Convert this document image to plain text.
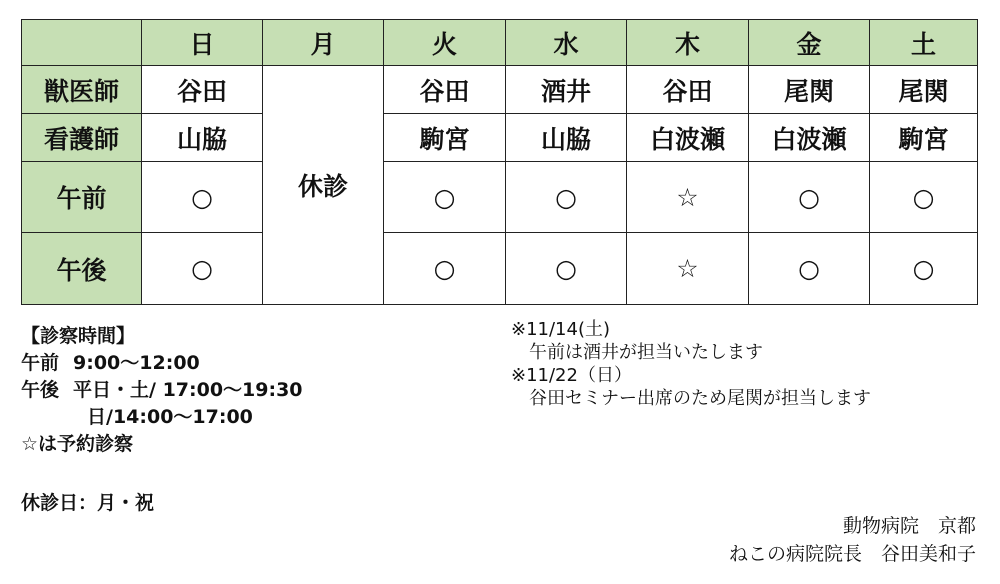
	日	月	火	水	木	金	土
獣医師	谷田	休診	谷田	酒井	谷田	尾関	尾関
看護師	山脇		駒宮	山脇	白波瀬	白波瀬	駒宮
午前	○		○	○	☆	○	○
午後	○		○	○	☆	○	○
【診察時間】
午前 9:00～12:00
午後 平日・土/ 17:00～19:30
日/14:00～17:00
☆は予約診察
休診日：月・祝
※11/14(土)
午前は酒井が担当いたします
※11/22（日）
谷田セミナー出席のため尾関が担当します
動物病院　京都
ねこの病院院長　谷田美和子
